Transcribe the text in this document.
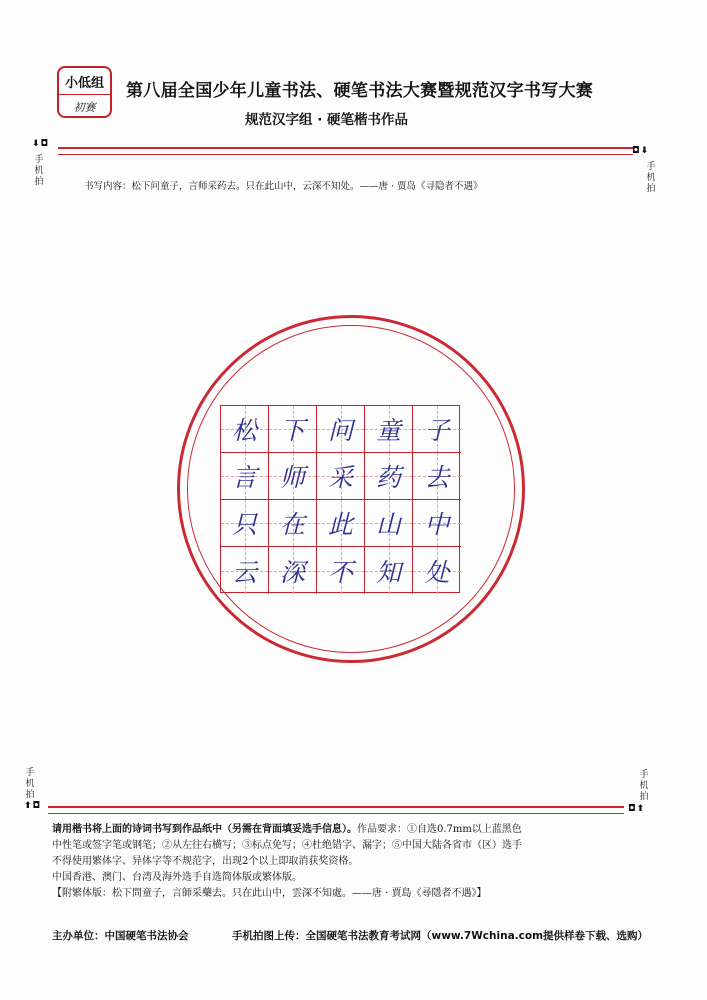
小低组
初赛
第八届全国少年儿童书法、硬笔书法大赛暨规范汉字书写大赛
规范汉字组 · 硬笔楷书作品
⬇◘
◘⬇
手机拍
手机拍
书写内容：松下问童子，言师采药去。只在此山中，云深不知处。——唐 · 贾岛《寻隐者不遇》
松 下 问 童 子
言 师 采 药 去
只 在 此 山 中
云 深 不 知 处
手机拍
手机拍
⬆◘	◘⬆
请用楷书将上面的诗词书写到作品纸中（另需在背面填妥选手信息）。作品要求：①自选0.7mm以上蓝黑色
中性笔或签字笔或钢笔；②从左往右横写；③标点免写；④杜绝错字、漏字；⑤中国大陆各省市（区）选手
不得使用繁体字、异体字等不规范字，出现2个以上即取消获奖资格。
中国香港、澳门、台湾及海外选手自选简体版或繁体版。
【附繁体版：松下問童子，言師采藥去。只在此山中，雲深不知處。——唐 · 賈島《尋隱者不遇》】
主办单位：中国硬笔书法协会	手机拍图上传：全国硬笔书法教育考试网（www.7Wchina.com提供样卷下载、选购）
